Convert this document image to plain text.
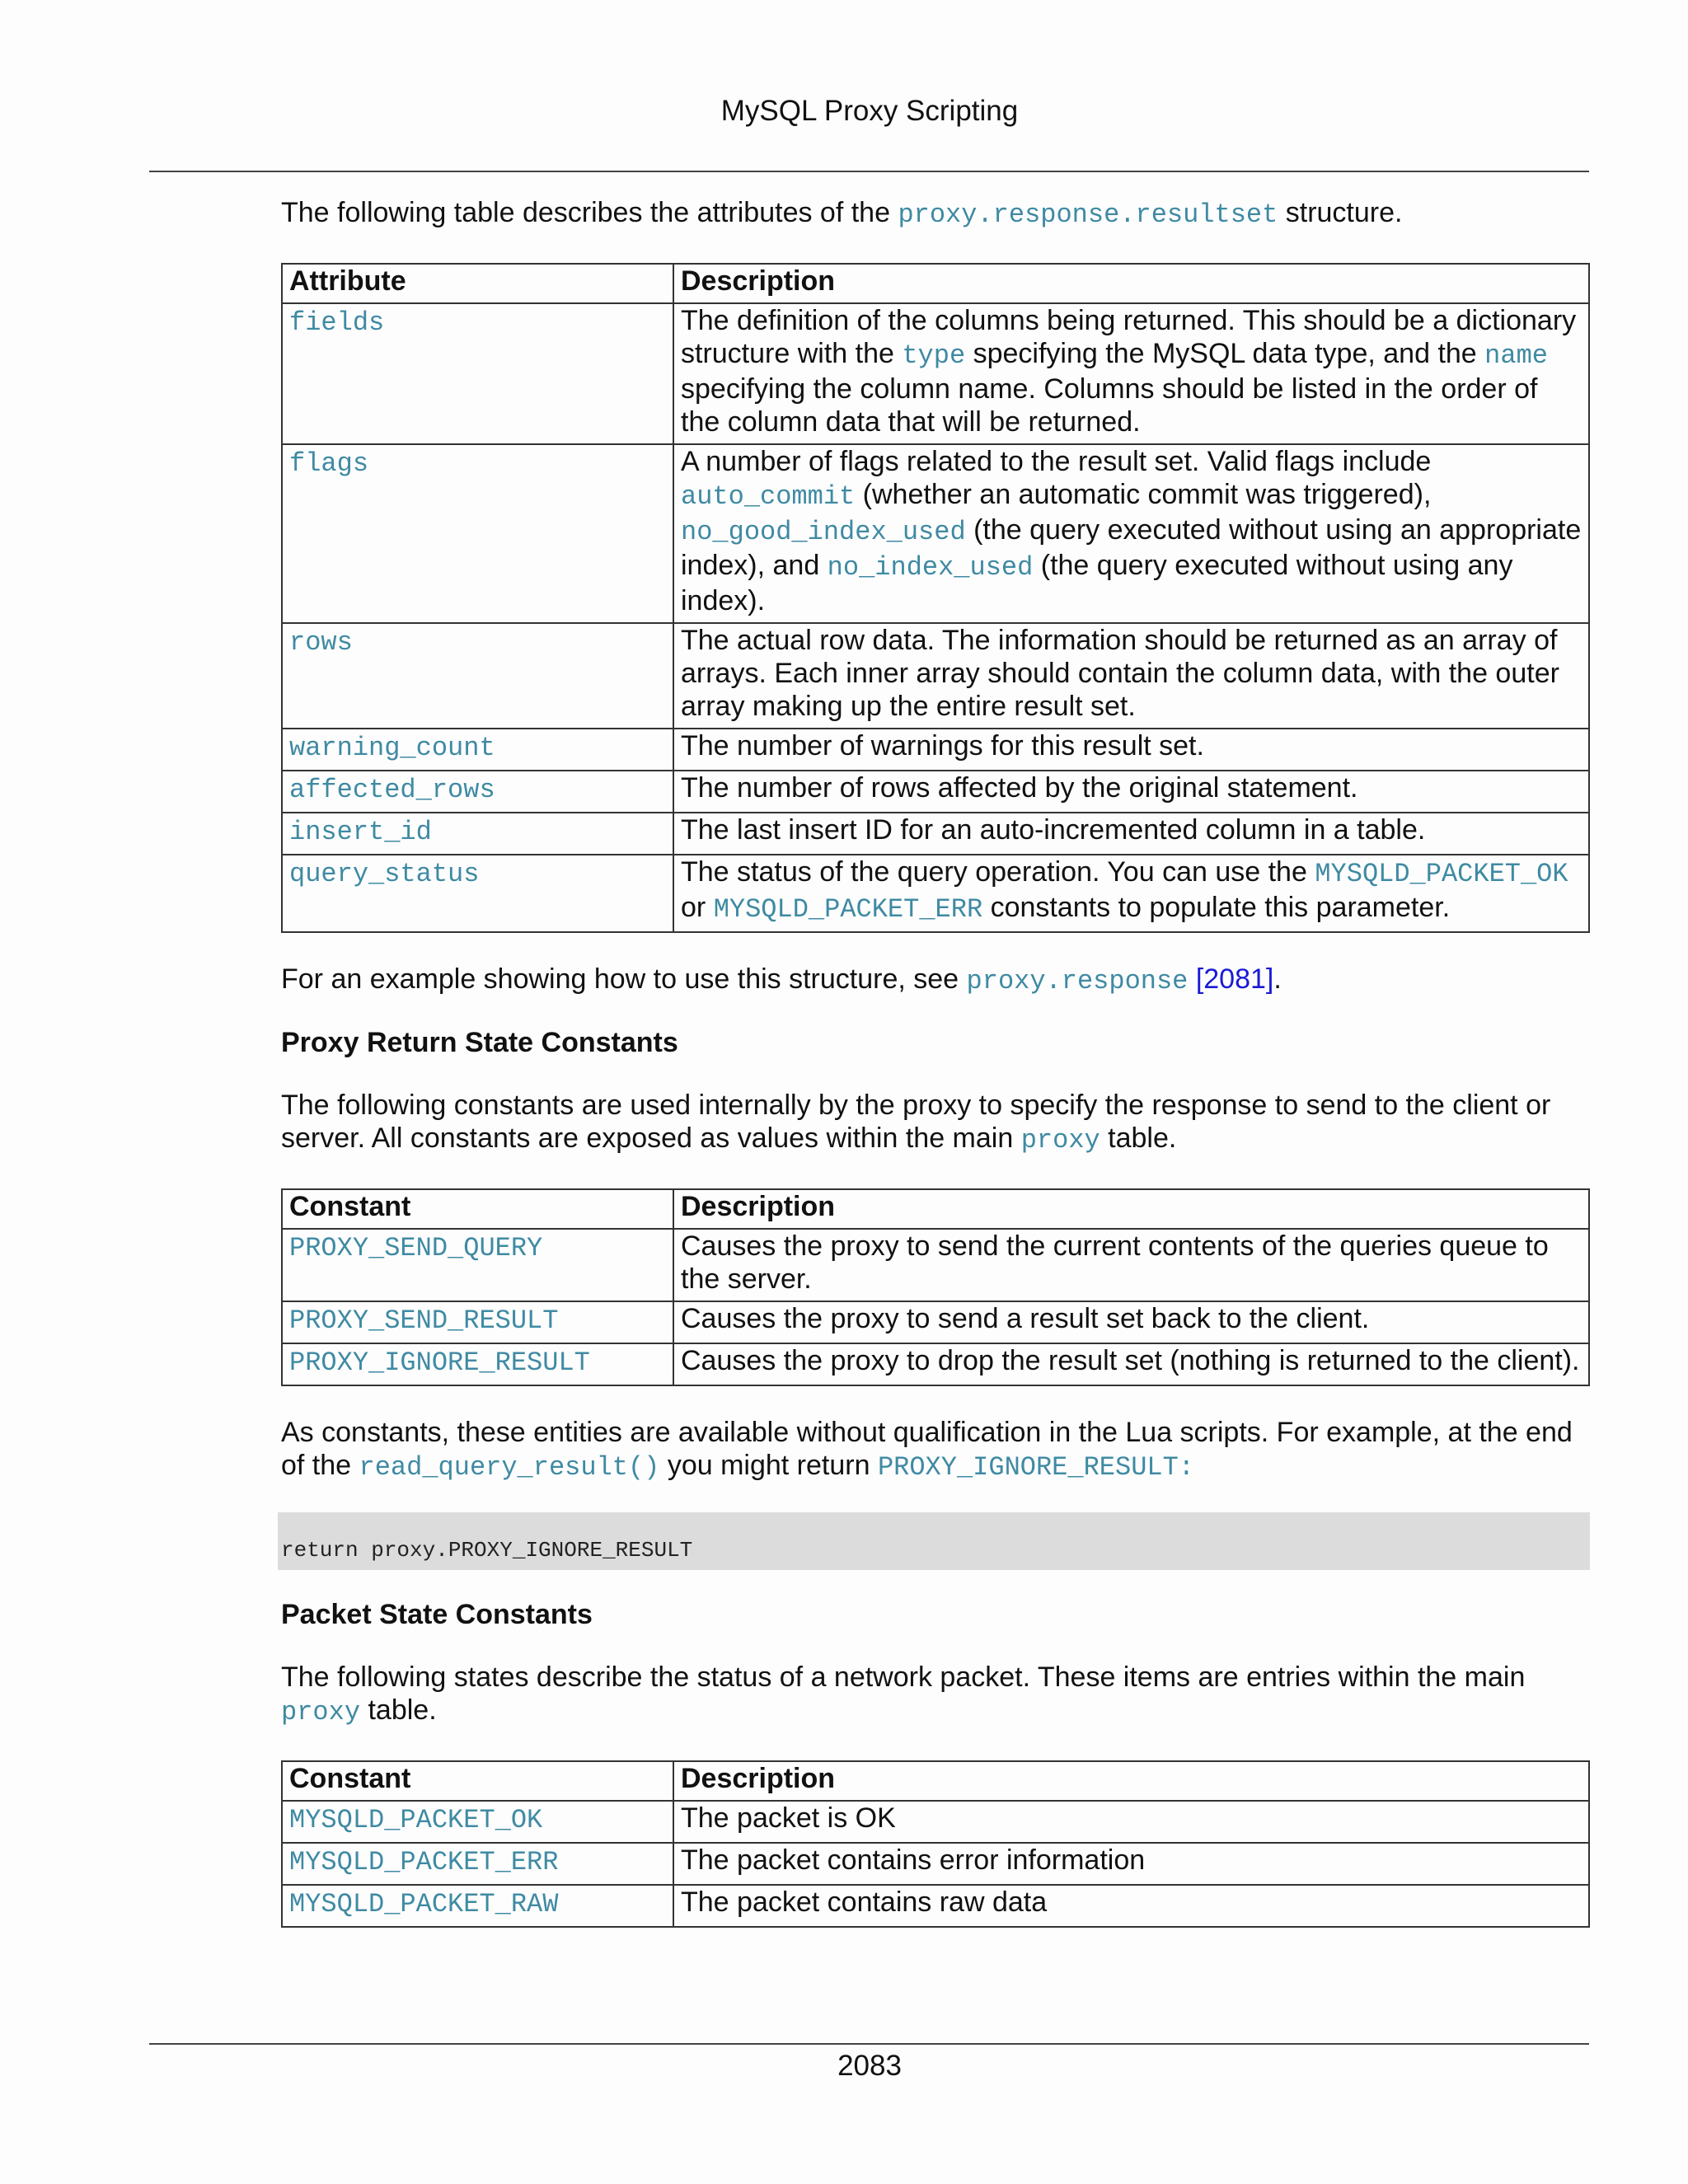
MySQL Proxy Scripting

The following table describes the attributes of the proxy.response.resultset structure.

Attribute	Description
fields	The definition of the columns being returned. This should be a dictionary structure with the type specifying the MySQL data type, and the name specifying the column name. Columns should be listed in the order of the column data that will be returned.
flags	A number of flags related to the result set. Valid flags include auto_commit (whether an automatic commit was triggered), no_good_index_used (the query executed without using an appropriate index), and no_index_used (the query executed without using any index).
rows	The actual row data. The information should be returned as an array of arrays. Each inner array should contain the column data, with the outer array making up the entire result set.
warning_count	The number of warnings for this result set.
affected_rows	The number of rows affected by the original statement.
insert_id	The last insert ID for an auto-incremented column in a table.
query_status	The status of the query operation. You can use the MYSQLD_PACKET_OK or MYSQLD_PACKET_ERR constants to populate this parameter.

For an example showing how to use this structure, see proxy.response [2081].

Proxy Return State Constants

The following constants are used internally by the proxy to specify the response to send to the client or server. All constants are exposed as values within the main proxy table.

Constant	Description
PROXY_SEND_QUERY	Causes the proxy to send the current contents of the queries queue to the server.
PROXY_SEND_RESULT	Causes the proxy to send a result set back to the client.
PROXY_IGNORE_RESULT	Causes the proxy to drop the result set (nothing is returned to the client).

As constants, these entities are available without qualification in the Lua scripts. For example, at the end of the read_query_result() you might return PROXY_IGNORE_RESULT:

return proxy.PROXY_IGNORE_RESULT
Packet State Constants

The following states describe the status of a network packet. These items are entries within the main proxy table.

Constant	Description
MYSQLD_PACKET_OK	The packet is OK
MYSQLD_PACKET_ERR	The packet contains error information
MYSQLD_PACKET_RAW	The packet contains raw data
2083
